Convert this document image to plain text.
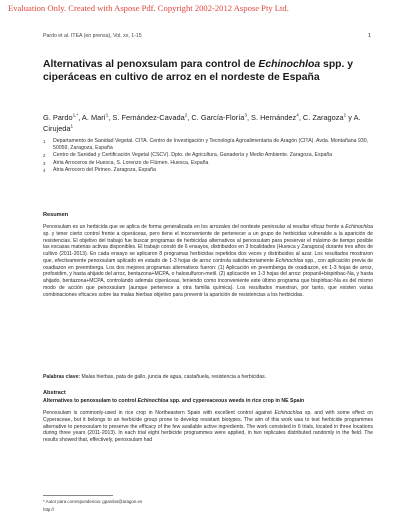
Evaluation Only. Created with Aspose Pdf. Copyright 2002-2012 Aspose Pty Ltd.
Pardo et al. ITEA (en prensa), Vol. xx, 1-15	1
Alternativas al penoxsulam para control de Echinochloa spp. y ciperáceas en cultivo de arroz en el nordeste de España
G. Pardo$^{1,*}$, A. Marí$^1$, S. Fernández-Cavada$^2$, C. García-Floría$^3$, S. Hernández$^4$, C. Zaragoza$^1$ y A. Cirujeda$^1$
1	Departamento de Sanidad Vegetal. CITA. Centro de Investigación y Tecnología Agroalimentaria de Aragón (CITA). Avda. Montañana 930, 50059, Zaragoza, España
2	Centro de Sanidad y Certificación Vegetal (CSCV). Dpto. de Agricultura, Ganadería y Medio Ambiente. Zaragoza, España
3	Atria Arroceros de Huesca, S. Lorenzo de Flúmen. Huesca, España
4	Atria Arrocero del Pirineo. Zaragoza, España
Resumen
Penoxsulam es un herbicida que se aplica de forma generalizada en los arrozales del nordeste peninsular al resultar eficaz frente a Echinochloa sp. y tener cierto control frente a ciperáceas, pero tiene el inconveniente de pertenecer a un grupo de herbicidas vulnerable a la aparición de resistencias. El objetivo del trabajo fue buscar programas de herbicidas alternativos al penoxsulam para preservar el máximo de tiempo posible las escasas materias activas disponibles. El trabajo constó de 6 ensayos, distribuidos en 3 localidades (Huesca y Zaragoza) durante tres años de cultivo (2011-2013). En cada ensayo se aplicaron 8 programas herbicidas repetidos dos veces y distribuidos al azar. Los resultados mostraron que, efectivamente penoxsulam aplicado en estado de 1-3 hojas de arroz controla satisfactoriamente Echinochloa spp., con aplicación previa de oxadiazon en preemberga. Los dos mejores programas alternativos fueron: (1) Aplicación en preemberga de oxadiazon, en 1-3 hojas de arroz, profoxidim, y hasta ahijado del arroz, bentazona+MCPA, o halosulfuron-metil. (2) aplicación en 1-3 hojas del arroz: propanil+bispiribac-Na, y hasta ahijado, bentazona+MCPA, controlando además ciperáceas, teniendo como inconveniente este último programa que bispiribac-Na es del mismo modo de acción que penoxsulam (aunque pertenece a otra familia química). Los resultados muestran, por tanto, que existen varias combinaciones eficaces sobre las malas hierbas objetivo para prevenir la aparición de resistencias a los herbicidas.
Palabras clave: Malas hierbas, pata de gallo, juncia de agua, castañuela, resistencia a herbicidas.
Abstract
Alternatives to penoxsulam to control Echinochloa spp. and cypereaceous weeds in rice crop in NE Spain
Penoxsulam is commonly-used in rice crop in Northeastern Spain with excellent control against Echinochloa sp. and with some effect on Cyperaceae, but it belongs to an herbicide group prone to develop resistant biotypes. The aim of this work was to test herbicide programmes alternative to penoxsulam to preserve the efficacy of the few available active ingredients. The work consisted in 6 trials, located in three locations during three years (2011-2013). In each trial eight herbicide programmes were applied, in two replicates distributed randomly in the field. The results showed that, effectively, penoxsulam had
* Autor para correspondencia: gpardos@aragon.es
http://
